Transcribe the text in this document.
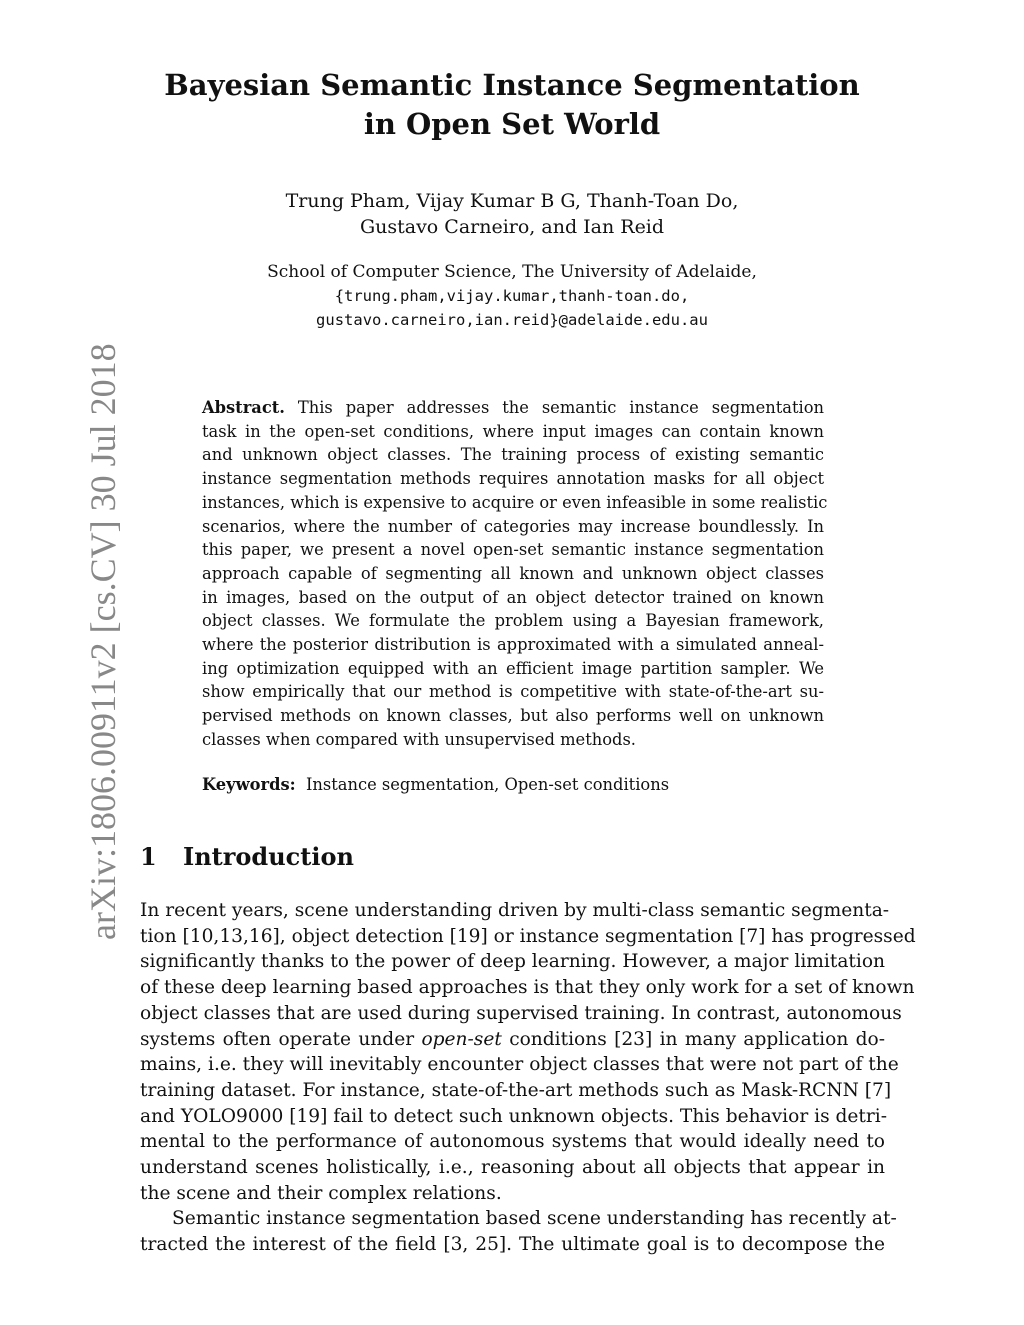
Bayesian Semantic Instance Segmentation
in Open Set World
Trung Pham, Vijay Kumar B G, Thanh-Toan Do,
Gustavo Carneiro, and Ian Reid
School of Computer Science, The University of Adelaide,
{trung.pham,vijay.kumar,thanh-toan.do,
gustavo.carneiro,ian.reid}@adelaide.edu.au
arXiv:1806.00911v2 [cs.CV] 30 Jul 2018	Abstract. This paper addresses the semantic instance segmentation
task in the open-set conditions, where input images can contain known
and unknown object classes. The training process of existing semantic
instance segmentation methods requires annotation masks for all object
instances, which is expensive to acquire or even infeasible in some realistic
scenarios, where the number of categories may increase boundlessly. In
this paper, we present a novel open-set semantic instance segmentation
approach capable of segmenting all known and unknown object classes
in images, based on the output of an object detector trained on known
object classes. We formulate the problem using a Bayesian framework,
where the posterior distribution is approximated with a simulated anneal-
ing optimization equipped with an efficient image partition sampler. We
show empirically that our method is competitive with state-of-the-art su-
pervised methods on known classes, but also performs well on unknown
classes when compared with unsupervised methods.
Keywords: Instance segmentation, Open-set conditions
1 Introduction
In recent years, scene understanding driven by multi-class semantic segmenta-
tion [10,13,16], object detection [19] or instance segmentation [7] has progressed
significantly thanks to the power of deep learning. However, a major limitation
of these deep learning based approaches is that they only work for a set of known
object classes that are used during supervised training. In contrast, autonomous
systems often operate under open-set conditions [23] in many application do-
mains, i.e. they will inevitably encounter object classes that were not part of the
training dataset. For instance, state-of-the-art methods such as Mask-RCNN [7]
and YOLO9000 [19] fail to detect such unknown objects. This behavior is detri-
mental to the performance of autonomous systems that would ideally need to
understand scenes holistically, i.e., reasoning about all objects that appear in
the scene and their complex relations.
Semantic instance segmentation based scene understanding has recently at-
tracted the interest of the field [3, 25]. The ultimate goal is to decompose the
